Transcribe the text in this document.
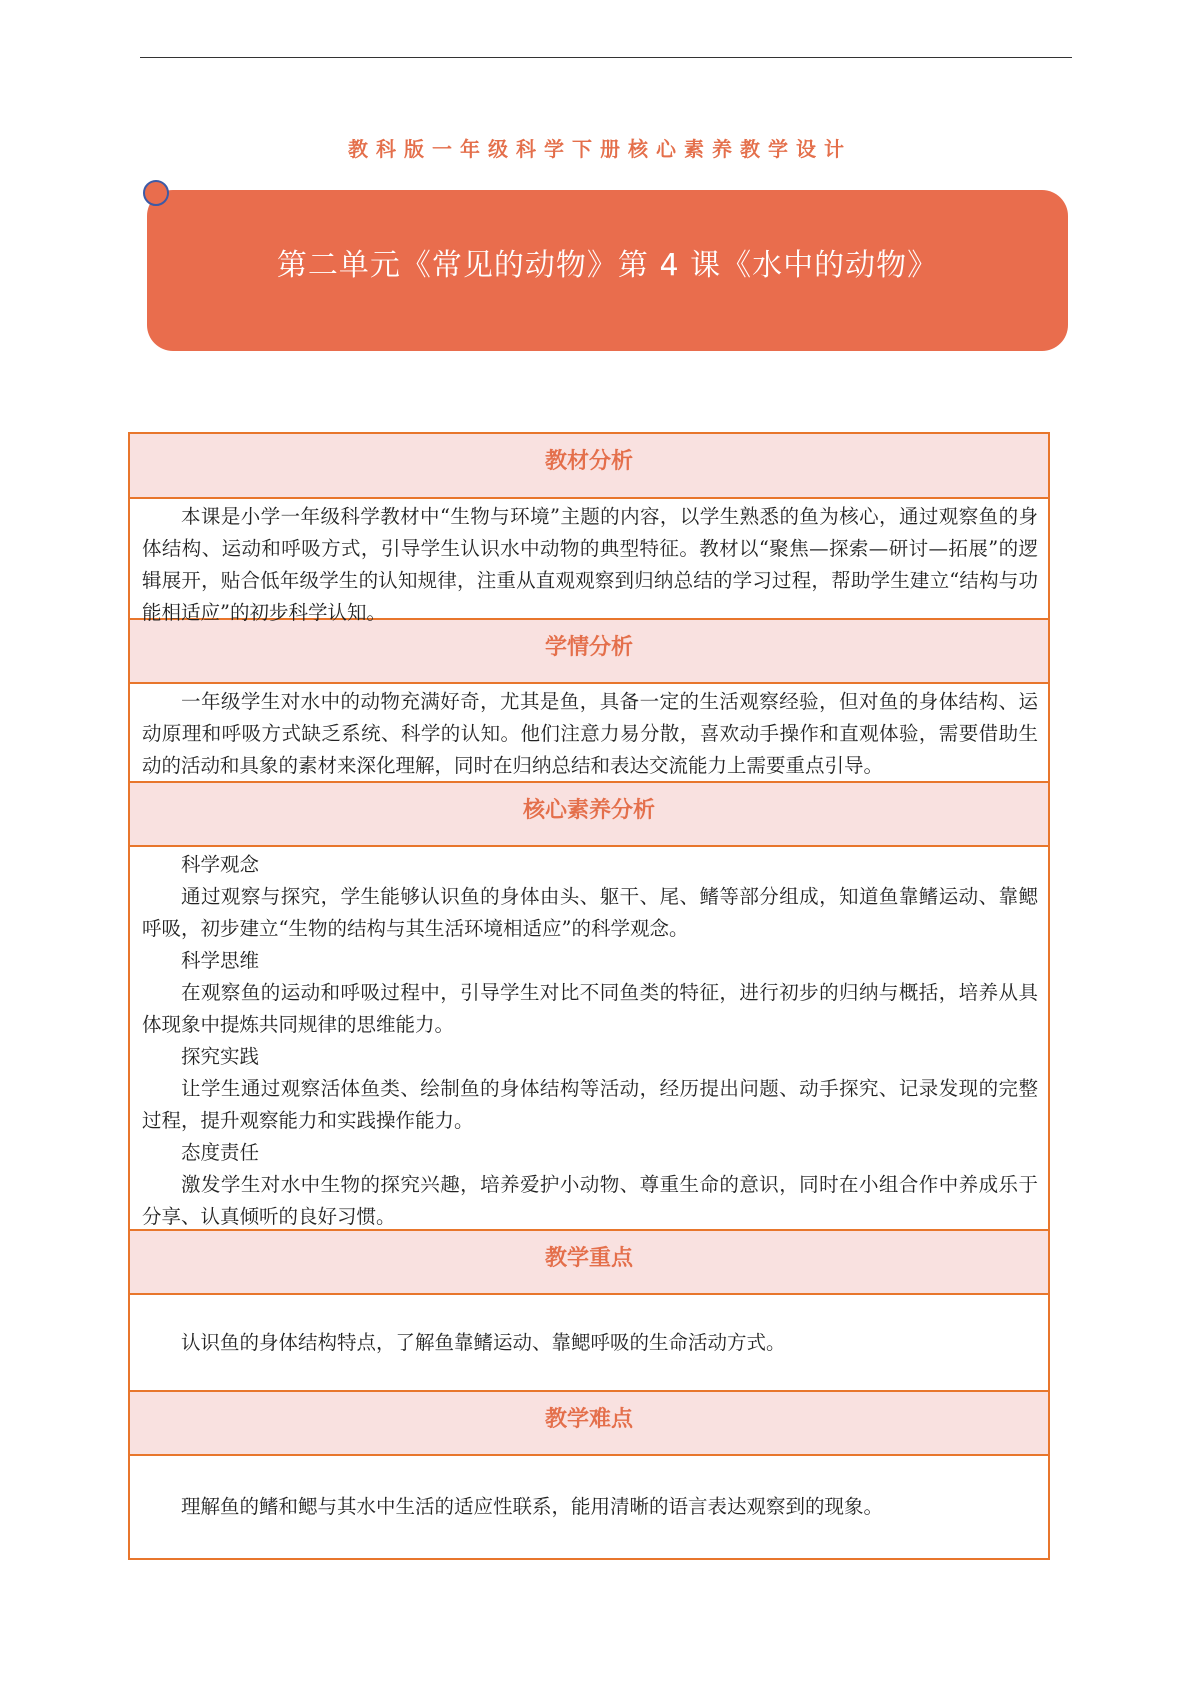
教科版一年级科学下册核心素养教学设计
第二单元《常见的动物》第 4 课《水中的动物》
教材分析

本课是小学一年级科学教材中“生物与环境”主题的内容，以学生熟悉的鱼为核心，通过观察鱼的身体结构、运动和呼吸方式，引导学生认识水中动物的典型特征。教材以“聚焦—探索—研讨—拓展”的逻辑展开，贴合低年级学生的认知规律，注重从直观观察到归纳总结的学习过程，帮助学生建立“结构与功能相适应”的初步科学认知。

学情分析

一年级学生对水中的动物充满好奇，尤其是鱼，具备一定的生活观察经验，但对鱼的身体结构、运动原理和呼吸方式缺乏系统、科学的认知。他们注意力易分散，喜欢动手操作和直观体验，需要借助生动的活动和具象的素材来深化理解，同时在归纳总结和表达交流能力上需要重点引导。

核心素养分析

科学观念

通过观察与探究，学生能够认识鱼的身体由头、躯干、尾、鳍等部分组成，知道鱼靠鳍运动、靠鳃呼吸，初步建立“生物的结构与其生活环境相适应”的科学观念。

科学思维

在观察鱼的运动和呼吸过程中，引导学生对比不同鱼类的特征，进行初步的归纳与概括，培养从具体现象中提炼共同规律的思维能力。

探究实践

让学生通过观察活体鱼类、绘制鱼的身体结构等活动，经历提出问题、动手探究、记录发现的完整过程，提升观察能力和实践操作能力。

态度责任

激发学生对水中生物的探究兴趣，培养爱护小动物、尊重生命的意识，同时在小组合作中养成乐于分享、认真倾听的良好习惯。

教学重点

认识鱼的身体结构特点，了解鱼靠鳍运动、靠鳃呼吸的生命活动方式。

教学难点

理解鱼的鳍和鳃与其水中生活的适应性联系，能用清晰的语言表达观察到的现象。
